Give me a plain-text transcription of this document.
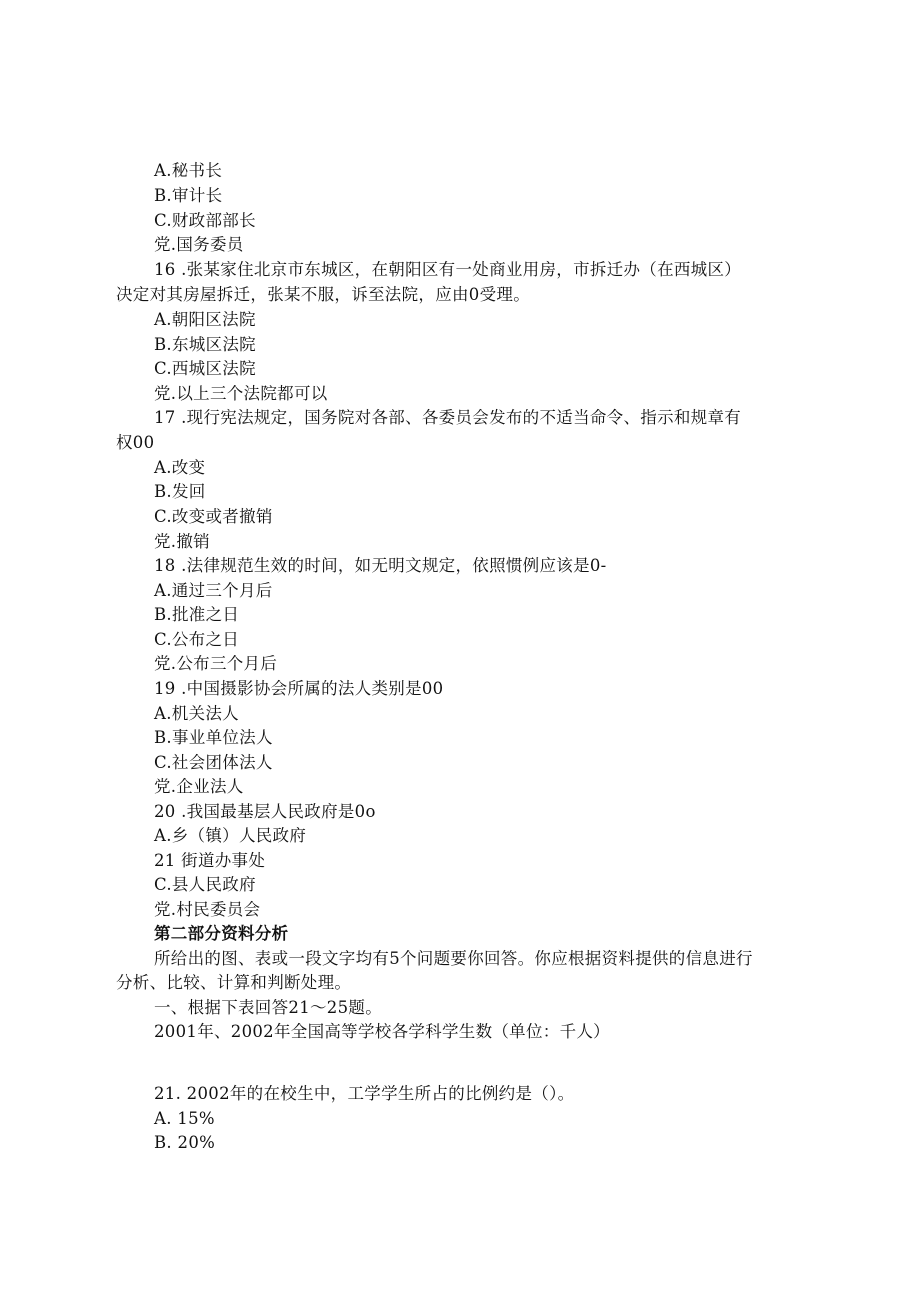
A.秘书长
B.审计长
C.财政部部长
党.国务委员
16 .张某家住北京市东城区，在朝阳区有一处商业用房，市拆迁办（在西城区）
决定对其房屋拆迁，张某不服，诉至法院，应由0受理。
A.朝阳区法院
B.东城区法院
C.西城区法院
党.以上三个法院都可以
17 .现行宪法规定，国务院对各部、各委员会发布的不适当命令、指示和规章有
权00
A.改变
B.发回
C.改变或者撤销
党.撤销
18 .法律规范生效的时间，如无明文规定，依照惯例应该是0-
A.通过三个月后
B.批准之日
C.公布之日
党.公布三个月后
19 .中国摄影协会所属的法人类别是00
A.机关法人
B.事业单位法人
C.社会团体法人
党.企业法人
20 .我国最基层人民政府是0o
A.乡（镇）人民政府
21 街道办事处
C.县人民政府
党.村民委员会
第二部分资料分析
所给出的图、表或一段文字均有5个问题要你回答。你应根据资料提供的信息进行
分析、比较、计算和判断处理。
一、根据下表回答21～25题。
2001年、2002年全国高等学校各学科学生数（单位：千人）
21. 2002年的在校生中，工学学生所占的比例约是（）。
A. 15%
B. 20%
